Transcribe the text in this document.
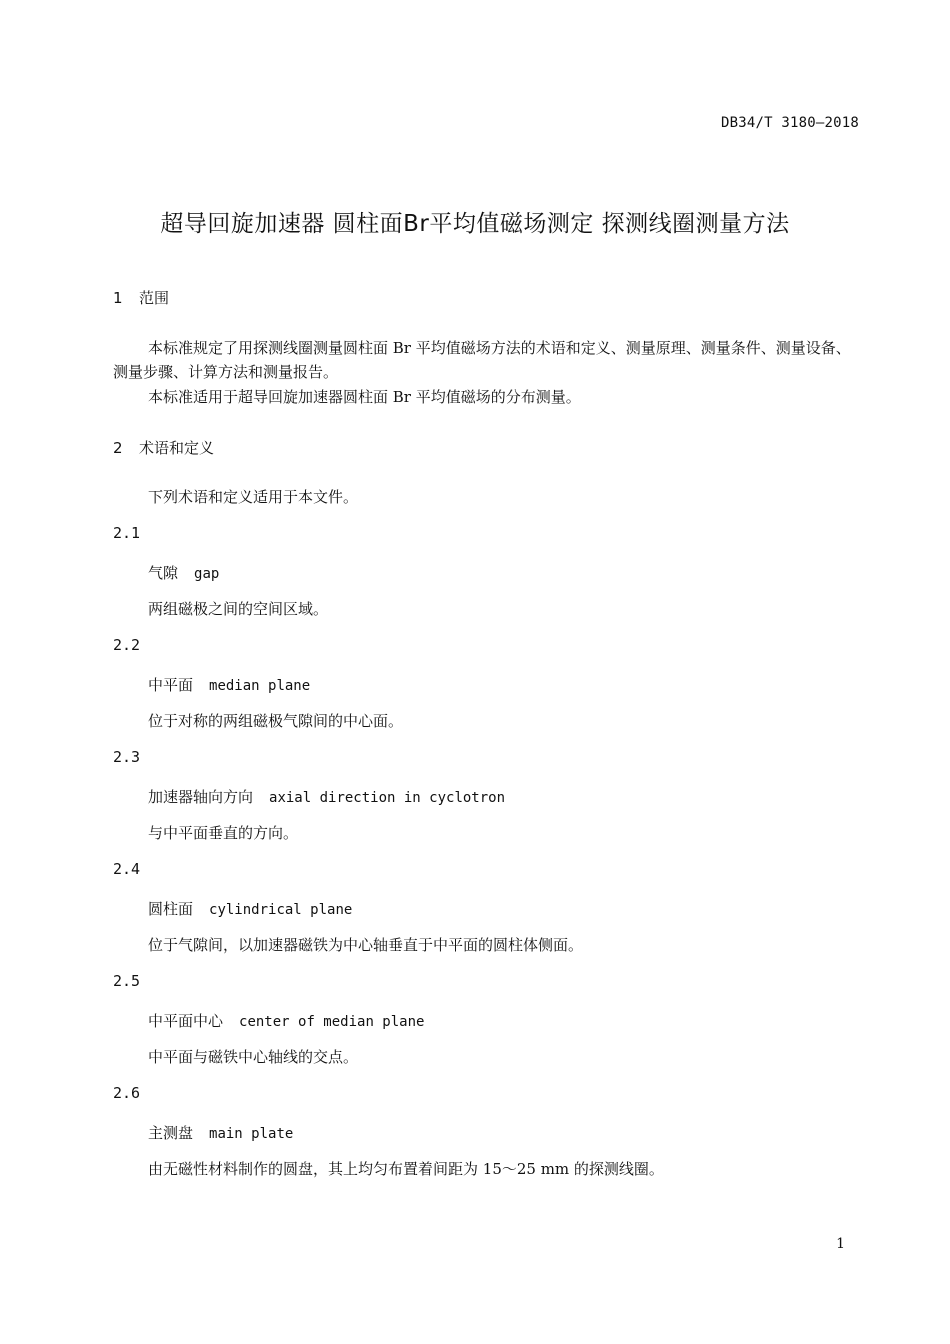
DB34/T 3180—2018
超导回旋加速器 圆柱面Br平均值磁场测定 探测线圈测量方法
1 范围
本标准规定了用探测线圈测量圆柱面 Br 平均值磁场方法的术语和定义、测量原理、测量条件、测量设备、测量步骤、计算方法和测量报告。
本标准适用于超导回旋加速器圆柱面 Br 平均值磁场的分布测量。
2 术语和定义
下列术语和定义适用于本文件。
2.1
气隙 gap
两组磁极之间的空间区域。
2.2
中平面 median plane
位于对称的两组磁极气隙间的中心面。
2.3
加速器轴向方向 axial direction in cyclotron
与中平面垂直的方向。
2.4
圆柱面 cylindrical plane
位于气隙间，以加速器磁铁为中心轴垂直于中平面的圆柱体侧面。
2.5
中平面中心 center of median plane
中平面与磁铁中心轴线的交点。
2.6
主测盘 main plate
由无磁性材料制作的圆盘，其上均匀布置着间距为 15～25 mm 的探测线圈。
1
